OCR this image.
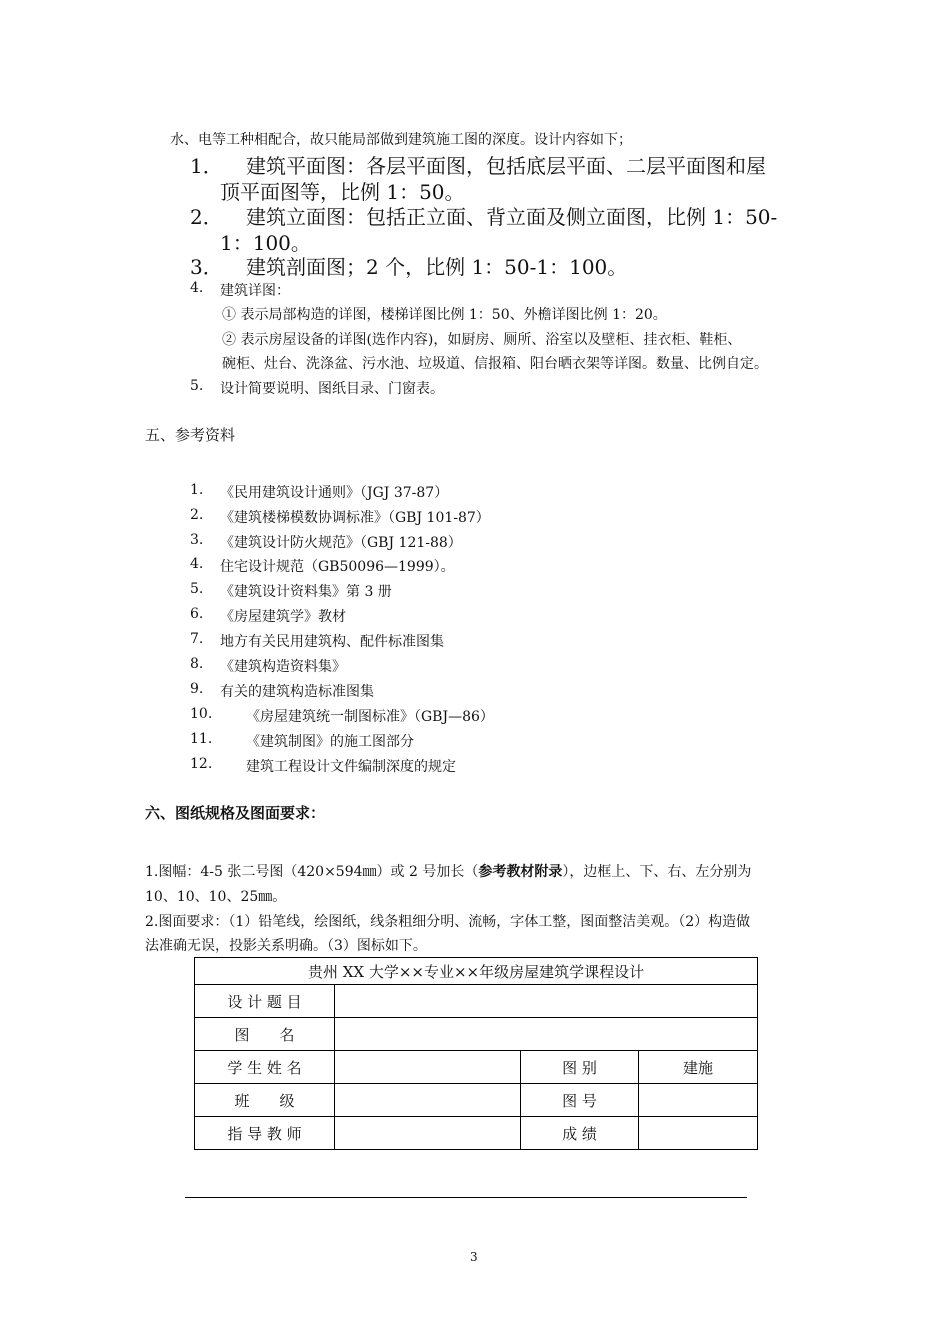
水、电等工种相配合，故只能局部做到建筑施工图的深度。设计内容如下；
1． 建筑平面图：各层平面图，包括底层平面、二层平面图和屋
顶平面图等，比例 1：50。
2． 建筑立面图：包括正立面、背立面及侧立面图，比例 1：50-
1：100。
3． 建筑剖面图；2 个，比例 1：50-1：100。
4. 建筑详图：
① 表示局部构造的详图，楼梯详图比例 1：50、外檐详图比例 1：20。
② 表示房屋设备的详图(选作内容)，如厨房、厕所、浴室以及壁柜、挂衣柜、鞋柜、
碗柜、灶台、洗涤盆、污水池、垃圾道、信报箱、阳台晒衣架等详图。数量、比例自定。
5. 设计简要说明、图纸目录、门窗表。
五、参考资料
1. 《民用建筑设计通则》（JGJ 37-87）
2. 《建筑楼梯模数协调标准》（GBJ 101-87）
3. 《建筑设计防火规范》（GBJ 121-88）
4. 住宅设计规范（GB50096—1999）。
5. 《建筑设计资料集》第 3 册
6. 《房屋建筑学》教材
7. 地方有关民用建筑构、配件标准图集
8. 《建筑构造资料集》
9. 有关的建筑构造标准图集
10. 《房屋建筑统一制图标准》（GBJ—86）
11. 《建筑制图》的施工图部分
12. 建筑工程设计文件编制深度的规定
六、图纸规格及图面要求：
1.图幅：4-5 张二号图（420×594㎜）或 2 号加长（参考教材附录），边框上、下、右、左分别为
10、10、10、25㎜。
2.图面要求：（1）铅笔线，绘图纸，线条粗细分明、流畅，字体工整，图面整洁美观。（2）构造做
法准确无误，投影关系明确。（3）图标如下。
贵州 XX 大学××专业××年级房屋建筑学课程设计			
设 计 题 目			
图　　名			
学 生 姓 名		图 别	建施
班　　级		图 号	
指 导 教 师		成 绩	
3
